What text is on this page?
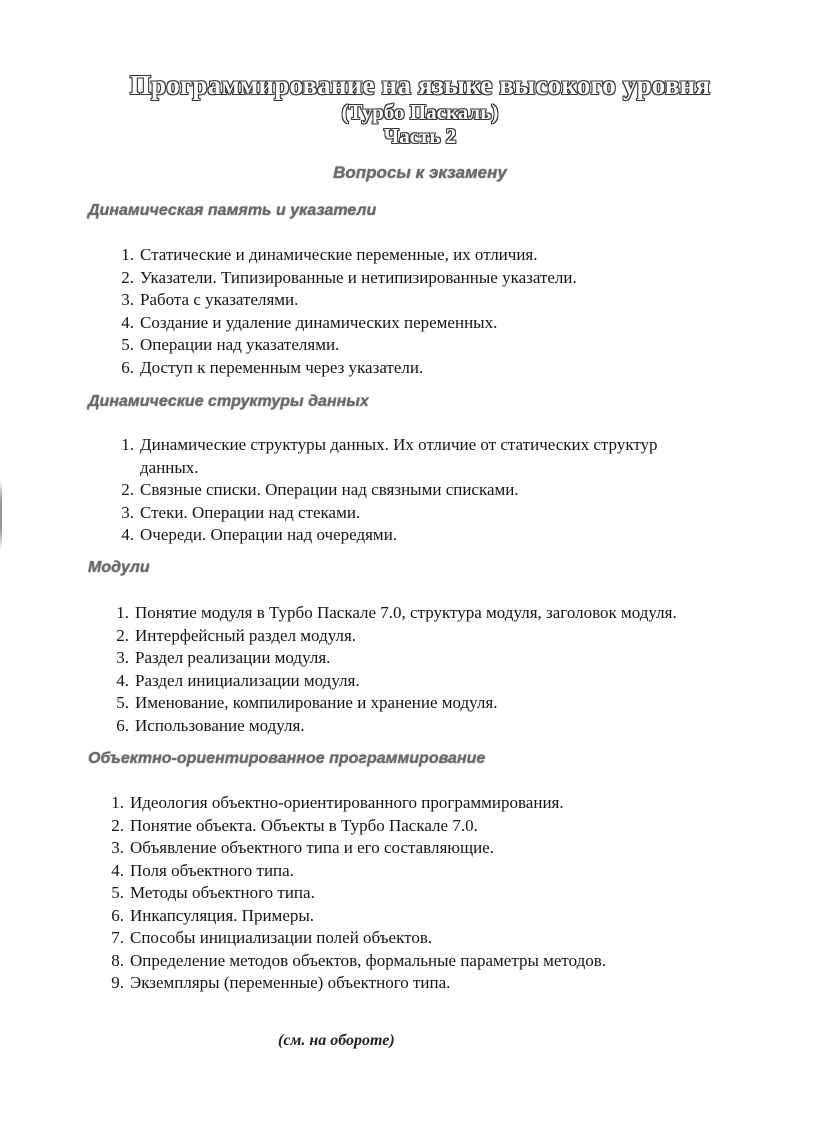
Программирование на языке высокого уровня
(Турбо Паскаль)
Часть 2
Вопросы к экзамену
Динамическая память и указатели
1. Статические и динамические переменные, их отличия.
2. Указатели. Типизированные и нетипизированные указатели.
3. Работа с указателями.
4. Создание и удаление динамических переменных.
5. Операции над указателями.
6. Доступ к переменным через указатели.
Динамические структуры данных
1. Динамические структуры данных. Их отличие от статических структур данных.
2. Связные списки. Операции над связными списками.
3. Стеки. Операции над стеками.
4. Очереди. Операции над очередями.
Модули
1. Понятие модуля в Турбо Паскале 7.0, структура модуля, заголовок модуля.
2. Интерфейсный раздел модуля.
3. Раздел реализации модуля.
4. Раздел инициализации модуля.
5. Именование, компилирование и хранение модуля.
6. Использование модуля.
Объектно-ориентированное программирование
1. Идеология объектно-ориентированного программирования.
2. Понятие объекта. Объекты в Турбо Паскале 7.0.
3. Объявление объектного типа и его составляющие.
4. Поля объектного типа.
5. Методы объектного типа.
6. Инкапсуляция. Примеры.
7. Способы инициализации полей объектов.
8. Определение методов объектов, формальные параметры методов.
9. Экземпляры (переменные) объектного типа.
(см. на обороте)
